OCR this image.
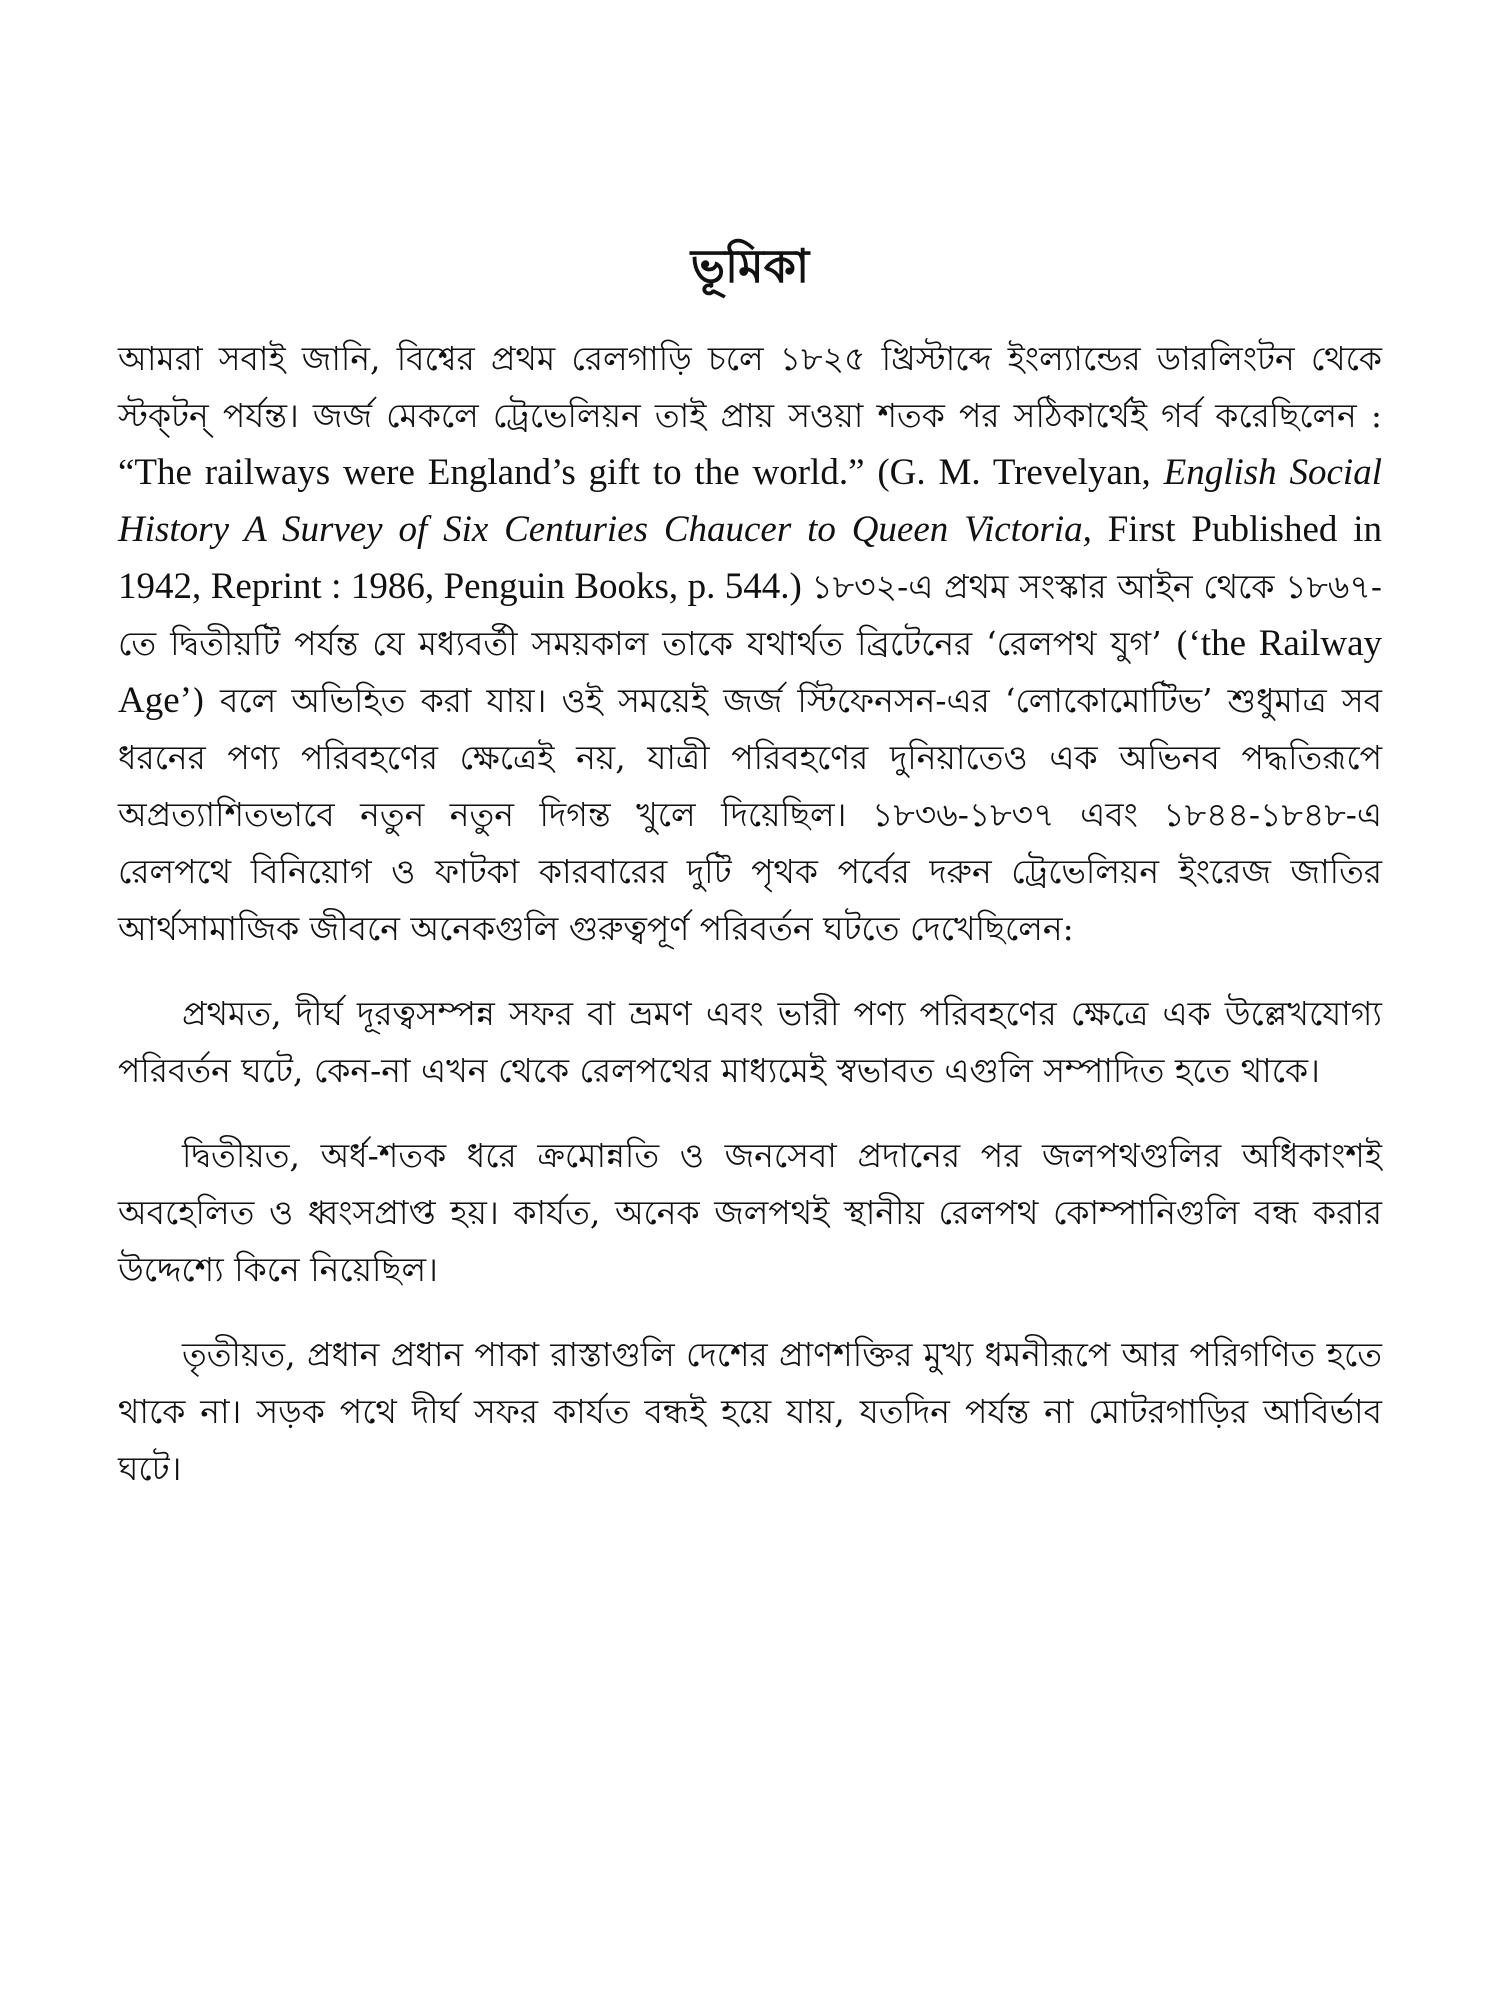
ভূমিকা

আমরা সবাই জানি, বিশ্বের প্রথম রেলগাড়ি চলে ১৮২৫ খ্রিস্টাব্দে ইংল্যান্ডের ডারলিংটন থেকে স্টক্‌টন্‌ পর্যন্ত। জর্জ মেকলে ট্রেভেলিয়ন তাই প্রায় সওয়া শতক পর সঠিকার্থেই গর্ব করেছিলেন : “The railways were England’s gift to the world.” (G. M. Trevelyan, English Social History A Survey of Six Centuries Chaucer to Queen Victoria, First Published in 1942, Reprint : 1986, Penguin Books, p. 544.) ১৮৩২-এ প্রথম সংস্কার আইন থেকে ১৮৬৭-তে দ্বিতীয়টি পর্যন্ত যে মধ্যবর্তী সময়কাল তাকে যথার্থত ব্রিটেনের ‘রেলপথ যুগ’ (‘the Railway Age’) বলে অভিহিত করা যায়। ওই সময়েই জর্জ স্টিফেনসন-এর ‘লোকোমোটিভ’ শুধুমাত্র সব ধরনের পণ্য পরিবহণের ক্ষেত্রেই নয়, যাত্রী পরিবহণের দুনিয়াতেও এক অভিনব পদ্ধতিরূপে অপ্রত্যাশিতভাবে নতুন নতুন দিগন্ত খুলে দিয়েছিল। ১৮৩৬-১৮৩৭ এবং ১৮৪৪-১৮৪৮-এ রেলপথে বিনিয়োগ ও ফাটকা কারবারের দুটি পৃথক পর্বের দরুন ট্রেভেলিয়ন ইংরেজ জাতির আর্থসামাজিক জীবনে অনেকগুলি গুরুত্বপূর্ণ পরিবর্তন ঘটতে দেখেছিলেন:

প্রথমত, দীর্ঘ দূরত্বসম্পন্ন সফর বা ভ্রমণ এবং ভারী পণ্য পরিবহণের ক্ষেত্রে এক উল্লেখযোগ্য পরিবর্তন ঘটে, কেন-না এখন থেকে রেলপথের মাধ্যমেই স্বভাবত এগুলি সম্পাদিত হতে থাকে।

দ্বিতীয়ত, অর্ধ-শতক ধরে ক্রমোন্নতি ও জনসেবা প্রদানের পর জলপথগুলির অধিকাংশই অবহেলিত ও ধ্বংসপ্রাপ্ত হয়। কার্যত, অনেক জলপথই স্থানীয় রেলপথ কোম্পানিগুলি বন্ধ করার উদ্দেশ্যে কিনে নিয়েছিল।

তৃতীয়ত, প্রধান প্রধান পাকা রাস্তাগুলি দেশের প্রাণশক্তির মুখ্য ধমনীরূপে আর পরিগণিত হতে থাকে না। সড়ক পথে দীর্ঘ সফর কার্যত বন্ধই হয়ে যায়, যতদিন পর্যন্ত না মোটরগাড়ির আবির্ভাব ঘটে।
